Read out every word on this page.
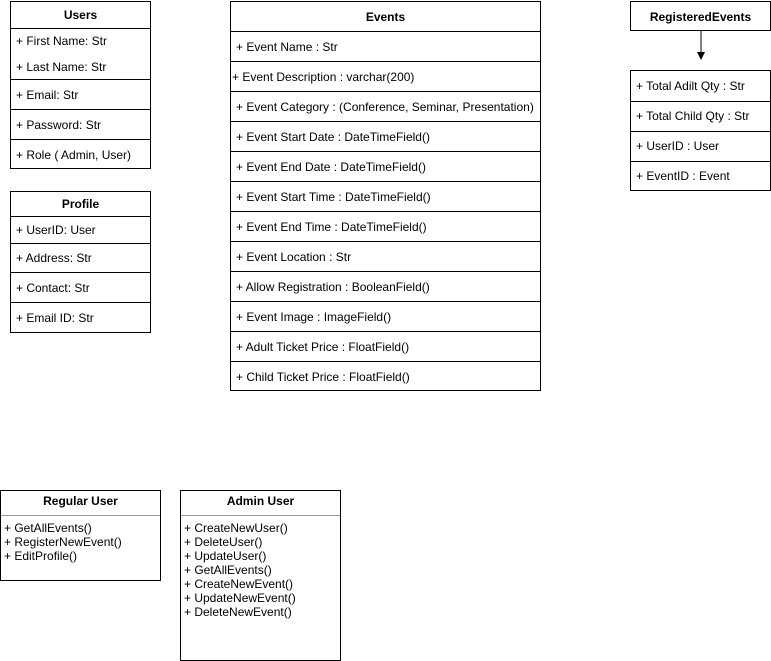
Users
+ First Name: Str
+ Last Name: Str
+ Email: Str
+ Password: Str
+ Role ( Admin, User)
Profile
+ UserID: User
+ Address: Str
+ Contact: Str
+ Email ID: Str
Events
+ Event Name : Str
+ Event Description : varchar(200)
+ Event Category : (Conference, Seminar, Presentation)
+ Event Start Date : DateTimeField()
+ Event End Date : DateTimeField()
+ Event Start Time : DateTimeField()
+ Event End Time : DateTimeField()
+ Event Location : Str
+ Allow Registration : BooleanField()
+ Event Image : ImageField()
+ Adult Ticket Price : FloatField()
+ Child Ticket Price : FloatField()
RegisteredEvents
+ Total Adilt Qty : Str
+ Total Child Qty : Str
+ UserID : User
+ EventID : Event
Regular User
+ GetAllEvents()
+ RegisterNewEvent()
+ EditProfile()
Admin User
+ CreateNewUser()
+ DeleteUser()
+ UpdateUser()
+ GetAllEvents()
+ CreateNewEvent()
+ UpdateNewEvent()
+ DeleteNewEvent()
